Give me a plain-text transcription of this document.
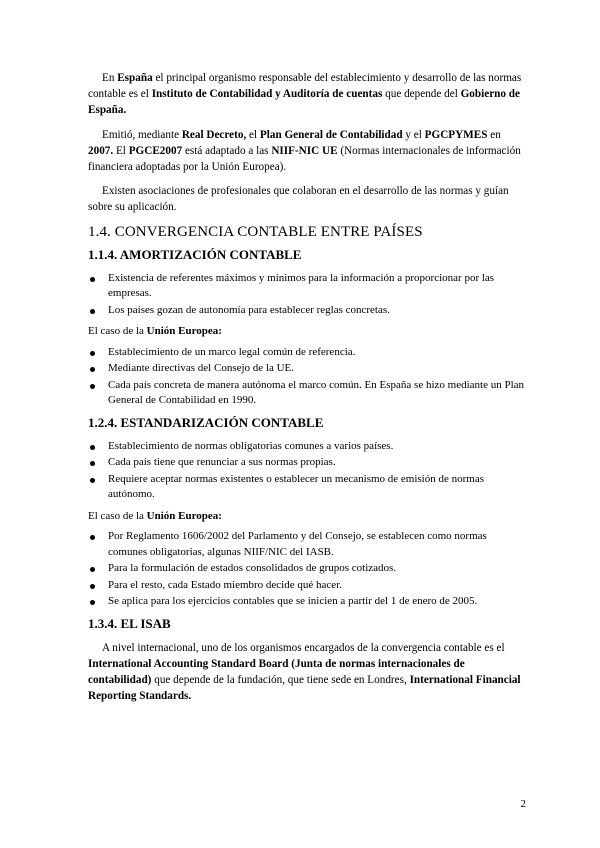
En España el principal organismo responsable del establecimiento y desarrollo de las normas contable es el Instituto de Contabilidad y Auditoría de cuentas que depende del Gobierno de España.

Emitió, mediante Real Decreto, el Plan General de Contabilidad y el PGCPYMES en 2007. El PGCE2007 está adaptado a las NIIF-NIC UE (Normas internacionales de información financiera adoptadas por la Unión Europea).

Existen asociaciones de profesionales que colaboran en el desarrollo de las normas y guían sobre su aplicación.

1.4. CONVERGENCIA CONTABLE ENTRE PAÍSES
1.1.4. AMORTIZACIÓN CONTABLE
Existencia de referentes máximos y mínimos para la información a proporcionar por las empresas.
Los países gozan de autonomía para establecer reglas concretas.

El caso de la Unión Europea:

Establecimiento de un marco legal común de referencia.
Mediante directivas del Consejo de la UE.
Cada país concreta de manera autónoma el marco común. En España se hizo mediante un Plan General de Contabilidad en 1990.
1.2.4. ESTANDARIZACIÓN CONTABLE
Establecimiento de normas obligatorias comunes a varios países.
Cada país tiene que renunciar a sus normas propias.
Requiere aceptar normas existentes o establecer un mecanismo de emisión de normas autónomo.

El caso de la Unión Europea:

Por Reglamento 1606/2002 del Parlamento y del Consejo, se establecen como normas comunes obligatorias, algunas NIIF/NIC del IASB.
Para la formulación de estados consolidados de grupos cotizados.
Para el resto, cada Estado miembro decide qué hacer.
Se aplica para los ejercicios contables que se inicien a partir del 1 de enero de 2005.
1.3.4. EL ISAB

A nivel internacional, uno de los organismos encargados de la convergencia contable es el International Accounting Standard Board (Junta de normas internacionales de contabilidad) que depende de la fundación, que tiene sede en Londres, International Financial Reporting Standards.

2
